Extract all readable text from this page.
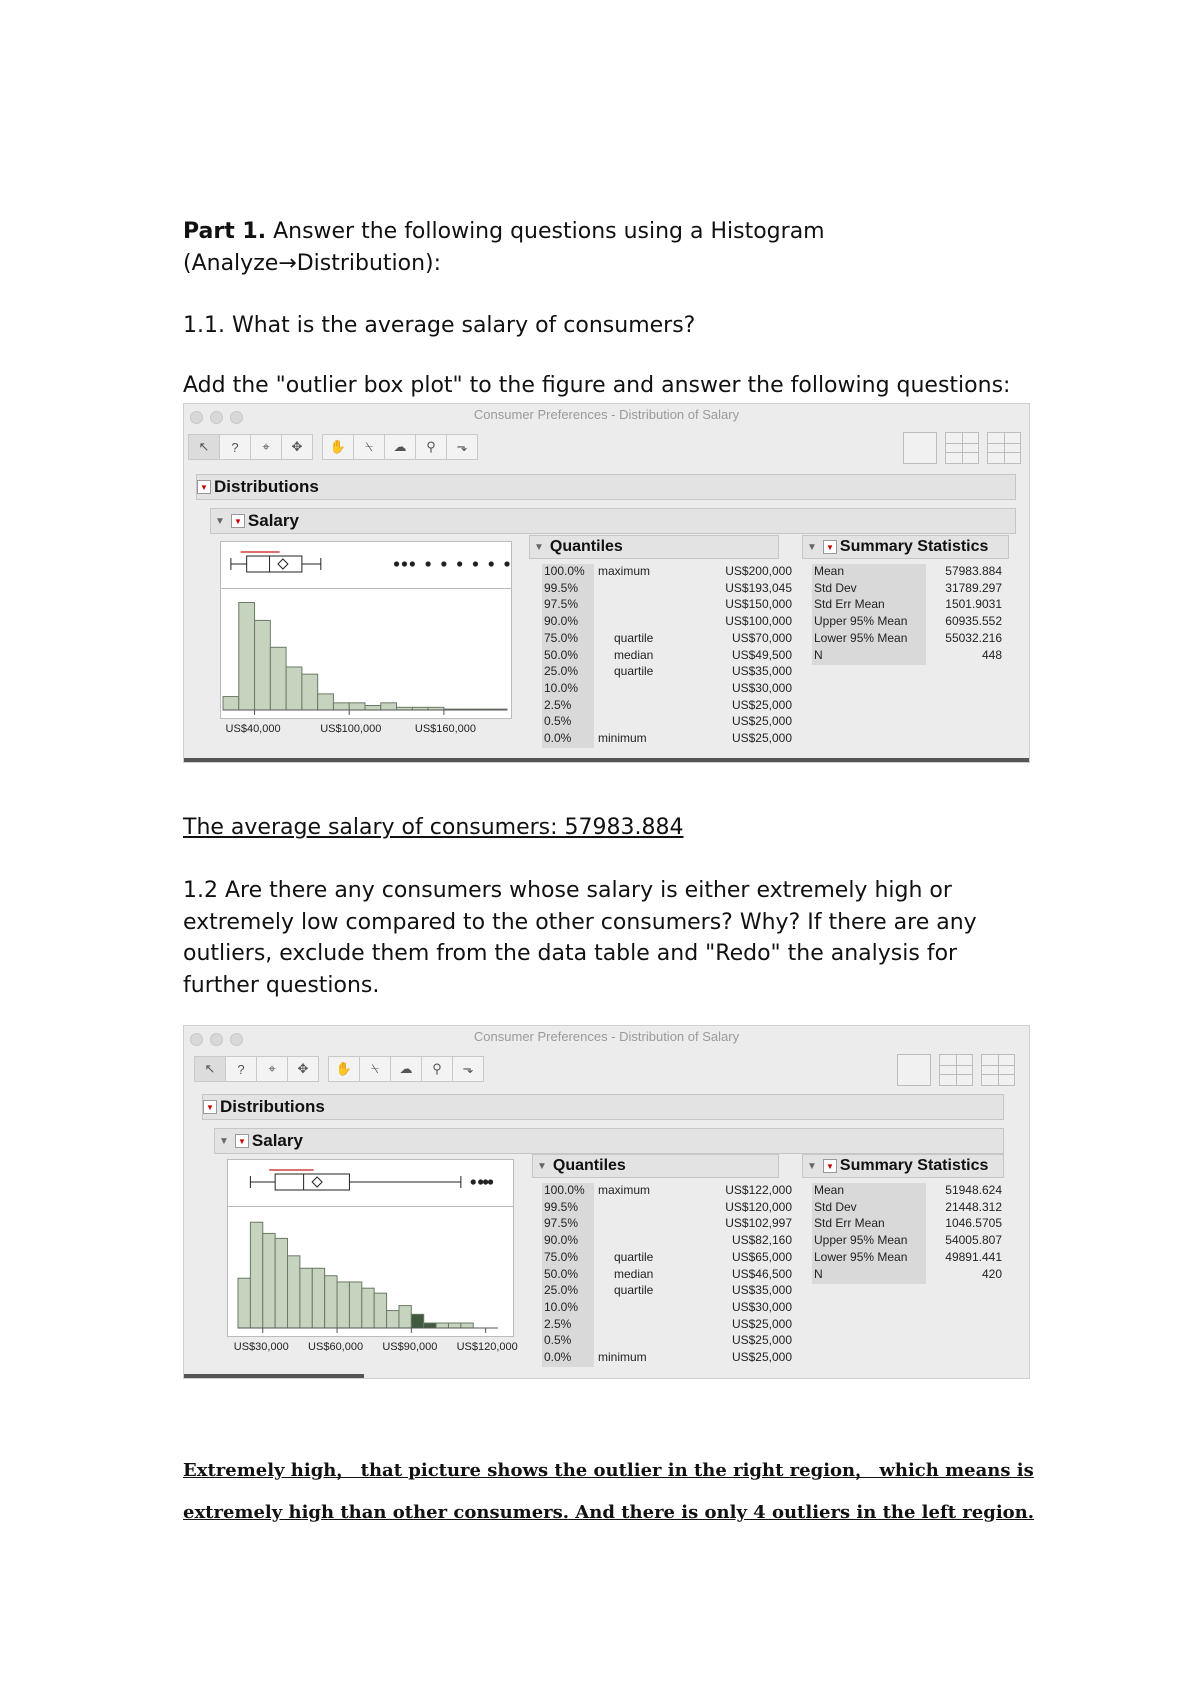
Part 1. Answer the following questions using a Histogram

(Analyze→Distribution):

1.1. What is the average salary of consumers?

Add the "outlier box plot" to the figure and answer the following questions:

Consumer Preferences - Distribution of Salary
↖	?	⌖	✥	✋	⍀	☁	⚲	⬎
▼ Distributions
▼	▼ Salary
US$40,000	US$100,000	US$160,000
▼ Quantiles
100.0%	maximum	US$200,000
99.5%	US$193,045
97.5%	US$150,000
90.0%	US$100,000
75.0%	quartile	US$70,000
50.0%	median	US$49,500
25.0%	quartile	US$35,000
10.0%	US$30,000
2.5%	US$25,000
0.5%	US$25,000
0.0%	minimum	US$25,000
▼	▼ Summary Statistics
Mean	57983.884
Std Dev	31789.297
Std Err Mean	1501.9031
Upper 95% Mean	60935.552
Lower 95% Mean	55032.216
N	448

The average salary of consumers: 57983.884

1.2 Are there any consumers whose salary is either extremely high or

extremely low compared to the other consumers? Why? If there are any

outliers, exclude them from the data table and "Redo" the analysis for

further questions.

Consumer Preferences - Distribution of Salary
↖	?	⌖	✥	✋	⍀	☁	⚲	⬎
▼ Distributions
▼	▼ Salary
US$30,000 US$60,000 US$90,000 US$120,000
▼ Quantiles
100.0%	maximum	US$122,000
99.5%	US$120,000
97.5%	US$102,997
90.0%	US$82,160
75.0%	quartile	US$65,000
50.0%	median	US$46,500
25.0%	quartile	US$35,000
10.0%	US$30,000
2.5%	US$25,000
0.5%	US$25,000
0.0%	minimum	US$25,000
▼	▼ Summary Statistics
Mean	51948.624
Std Dev	21448.312
Std Err Mean	1046.5705
Upper 95% Mean	54005.807
Lower 95% Mean	49891.441
N	420

Extremely high， that picture shows the outlier in the right region， which means is

extremely high than other consumers. And there is only 4 outliers in the left region.
